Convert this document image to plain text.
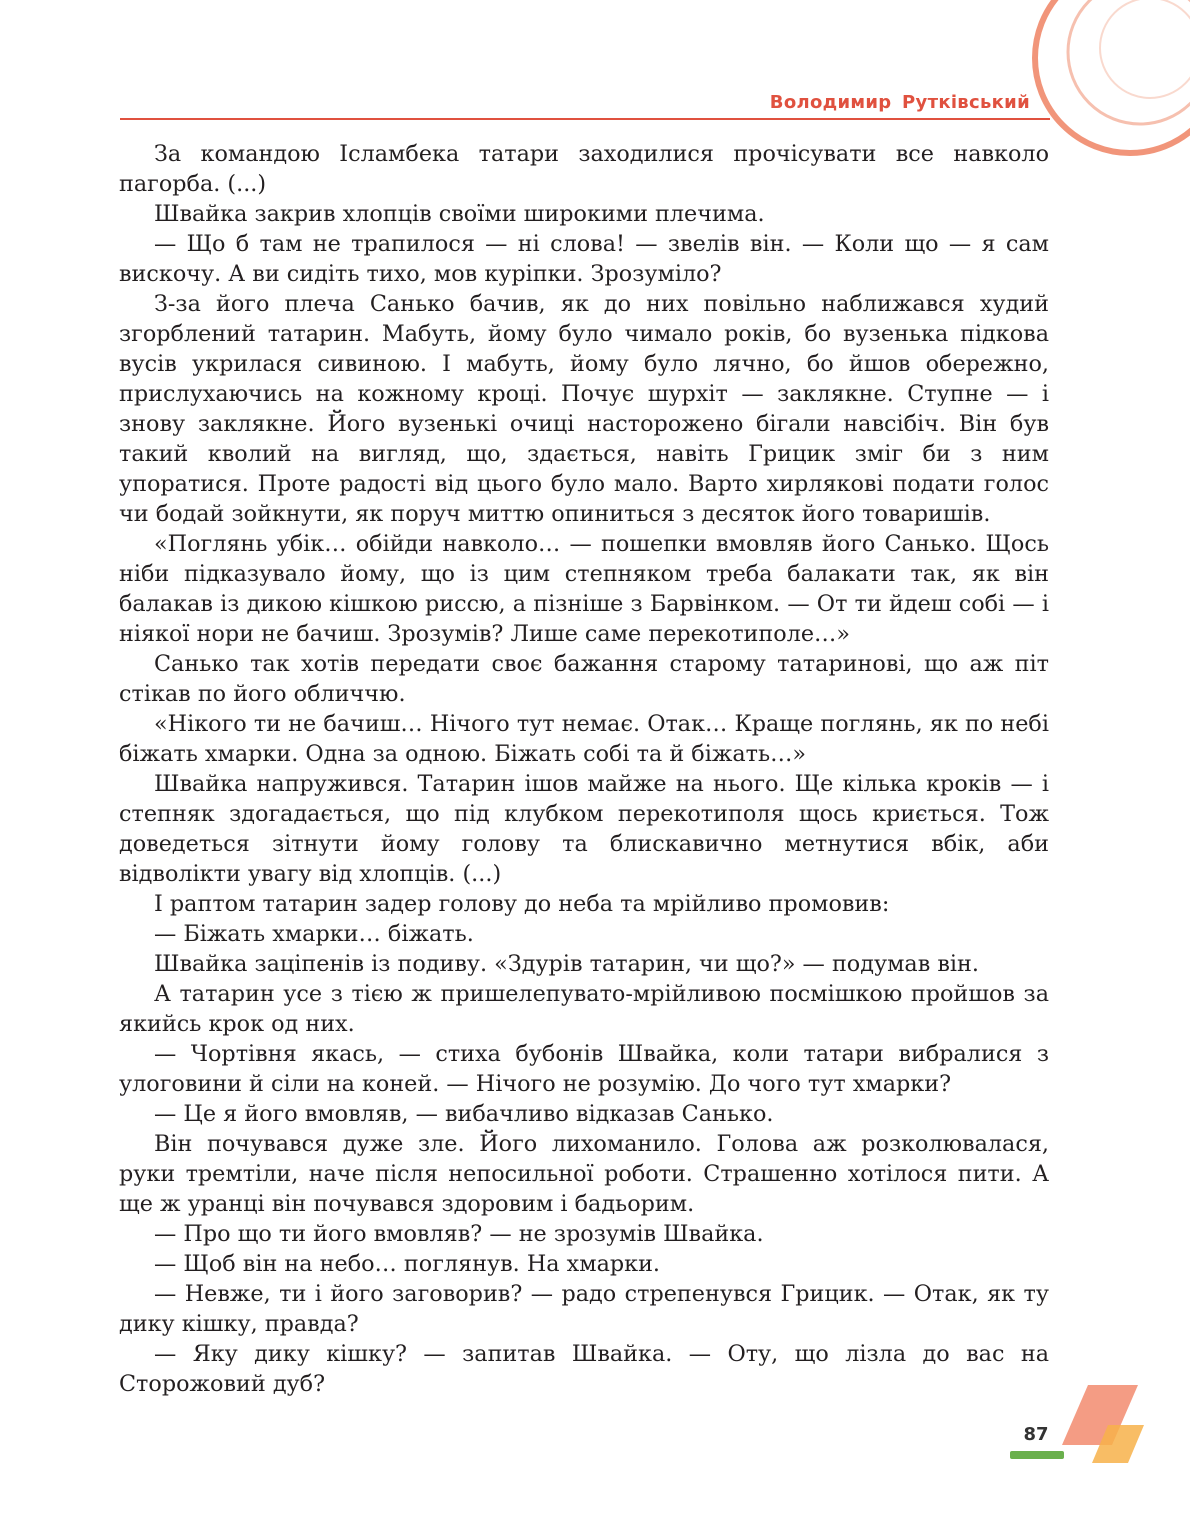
Володимир Рутківський

За командою Ісламбека татари заходилися прочісувати все навколо пагорба. (...)

Швайка закрив хлопців своїми широкими плечима.

— Що б там не трапилося — ні слова! — звелів він. — Коли що — я сам вискочу. А ви сидіть тихо, мов куріпки. Зрозуміло?

З-за його плеча Санько бачив, як до них повільно наближався худий згорблений татарин. Мабуть, йому було чимало років, бо вузенька підкова вусів укрилася сивиною. І мабуть, йому було лячно, бо йшов обережно, прислухаючись на кожному кроці. Почує шурхіт — заклякне. Ступне — і знову заклякне. Його вузенькі очиці насторожено бігали навсібіч. Він був такий кволий на вигляд, що, здається, навіть Грицик зміг би з ним упоратися. Проте радості від цього було мало. Варто хирлякові подати голос чи бодай зойкнути, як поруч миттю опиниться з десяток його товаришів.

«Поглянь убік… обійди навколо… — пошепки вмовляв його Санько. Щось ніби підказувало йому, що із цим степняком треба балакати так, як він балакав із дикою кішкою риссю, а пізніше з Барвінком. — От ти йдеш собі — і ніякої нори не бачиш. Зрозумів? Лише саме перекотиполе…»

Санько так хотів передати своє бажання старому татаринові, що аж піт стікав по його обличчю.

«Нікого ти не бачиш… Нічого тут немає. Отак… Краще поглянь, як по небі біжать хмарки. Одна за одною. Біжать собі та й біжать…»

Швайка напружився. Татарин ішов майже на нього. Ще кілька кроків — і степняк здогадається, що під клубком перекотиполя щось криється. Тож доведеться зітнути йому голову та блискавично метнутися вбік, аби відволікти увагу від хлопців. (...)

І раптом татарин задер голову до неба та мрійливо промовив:

— Біжать хмарки… біжать.

Швайка заціпенів із подиву. «Здурів татарин, чи що?» — подумав він.

А татарин усе з тією ж пришелепувато-мрійливою посмішкою пройшов за якийсь крок од них.

— Чортівня якась, — стиха бубонів Швайка, коли татари вибралися з улоговини й сіли на коней. — Нічого не розумію. До чого тут хмарки?

— Це я його вмовляв, — вибачливо відказав Санько.

Він почувався дуже зле. Його лихоманило. Голова аж розколювалася, руки тремтіли, наче після непосильної роботи. Страшенно хотілося пити. А ще ж уранці він почувався здоровим і бадьорим.

— Про що ти його вмовляв? — не зрозумів Швайка.

— Щоб він на небо… поглянув. На хмарки.

— Невже, ти і його заговорив? — радо стрепенувся Грицик. — Отак, як ту дику кішку, правда?

— Яку дику кішку? — запитав Швайка. — Оту, що лізла до вас на Сторожовий дуб?

87
